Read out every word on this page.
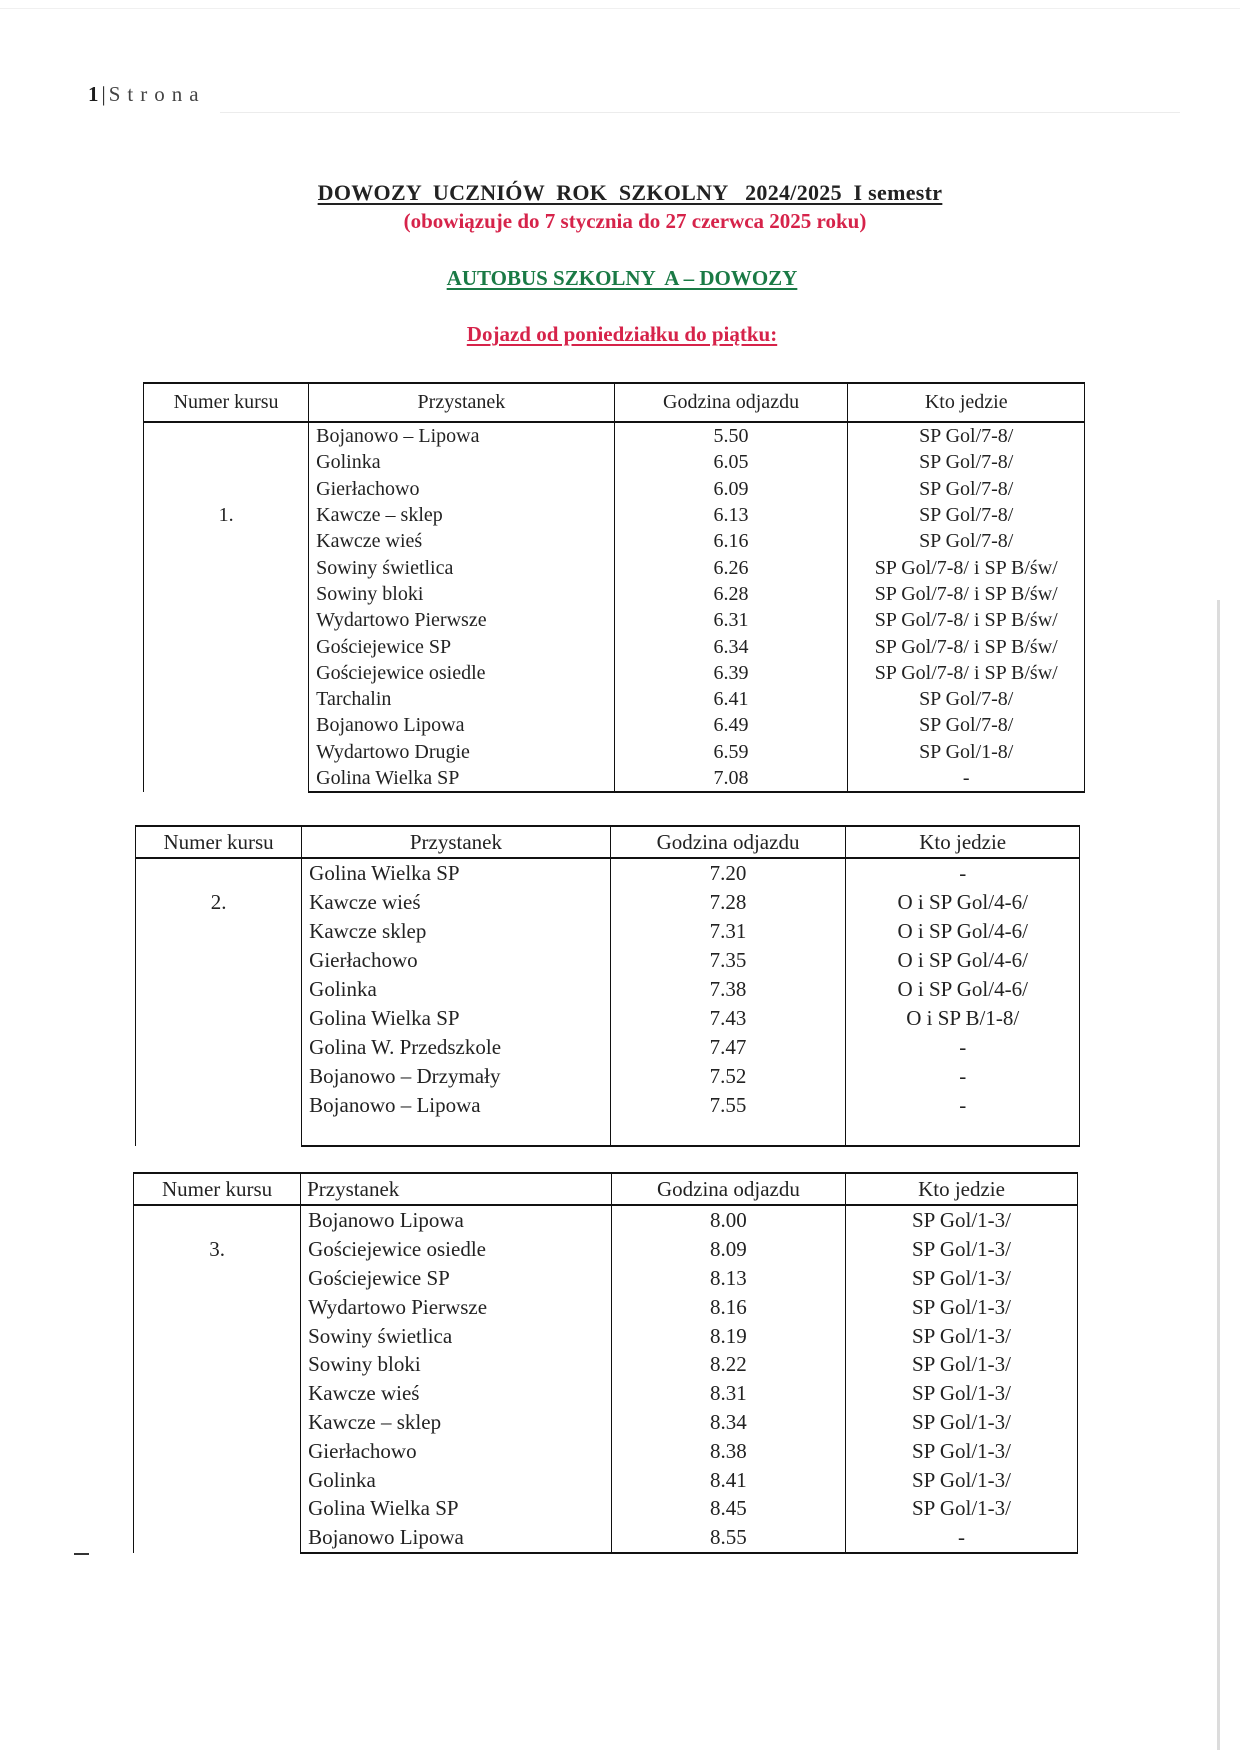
1 | Strona
DOWOZY  UCZNIÓW  ROK  SZKOLNY   2024/2025  I semestr
(obowiązuje do 7 stycznia do 27 czerwca 2025 roku)
AUTOBUS SZKOLNY  A – DOWOZY
Dojazd od poniedziałku do piątku:
Numer kursu	Przystanek	Godzina odjazdu	Kto jedzie

1.	Bojanowo – Lipowa	5.50	SP Gol/7-8/
	Golinka	6.05	SP Gol/7-8/
	Gierłachowo	6.09	SP Gol/7-8/
	Kawcze – sklep	6.13	SP Gol/7-8/
	Kawcze wieś	6.16	SP Gol/7-8/
	Sowiny świetlica	6.26	SP Gol/7-8/ i SP B/św/
	Sowiny bloki	6.28	SP Gol/7-8/ i SP B/św/
	Wydartowo Pierwsze	6.31	SP Gol/7-8/ i SP B/św/
	Gościejewice SP	6.34	SP Gol/7-8/ i SP B/św/
	Gościejewice osiedle	6.39	SP Gol/7-8/ i SP B/św/
	Tarchalin	6.41	SP Gol/7-8/
	Bojanowo Lipowa	6.49	SP Gol/7-8/
	Wydartowo Drugie	6.59	SP Gol/1-8/
	Golina Wielka SP	7.08	-
Numer kursu	Przystanek	Godzina odjazdu	Kto jedzie

2.	Golina Wielka SP	7.20	-
	Kawcze wieś	7.28	O i SP Gol/4-6/
	Kawcze sklep	7.31	O i SP Gol/4-6/
	Gierłachowo	7.35	O i SP Gol/4-6/
	Golinka	7.38	O i SP Gol/4-6/
	Golina Wielka SP	7.43	O i SP B/1-8/
	Golina W. Przedszkole	7.47	-
	Bojanowo – Drzymały	7.52	-
	Bojanowo – Lipowa	7.55	-

Numer kursu	Przystanek	Godzina odjazdu	Kto jedzie

3.	Bojanowo Lipowa	8.00	SP Gol/1-3/
	Gościejewice osiedle	8.09	SP Gol/1-3/
	Gościejewice SP	8.13	SP Gol/1-3/
	Wydartowo Pierwsze	8.16	SP Gol/1-3/
	Sowiny świetlica	8.19	SP Gol/1-3/
	Sowiny bloki	8.22	SP Gol/1-3/
	Kawcze wieś	8.31	SP Gol/1-3/
	Kawcze – sklep	8.34	SP Gol/1-3/
	Gierłachowo	8.38	SP Gol/1-3/
	Golinka	8.41	SP Gol/1-3/
	Golina Wielka SP	8.45	SP Gol/1-3/
	Bojanowo Lipowa	8.55	-
